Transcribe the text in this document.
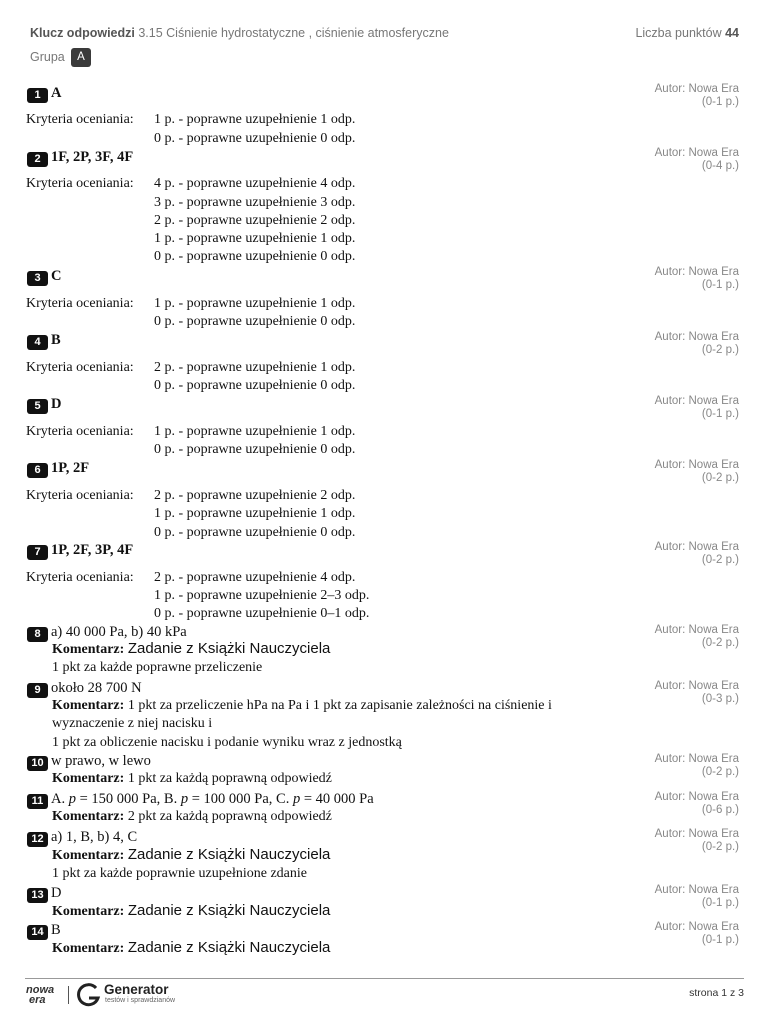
Klucz odpowiedzi 3.15 Ciśnienie hydrostatyczne , ciśnienie atmosferyczne	Liczba punktów 44
Grupa	A
1 A	Autor: Nowa Era
(0-1 p.)
Kryteria oceniania: 1 p. - poprawne uzupełnienie 1 odp.
0 p. - poprawne uzupełnienie 0 odp.
2 1F, 2P, 3F, 4F	Autor: Nowa Era
(0-4 p.)
Kryteria oceniania: 4 p. - poprawne uzupełnienie 4 odp.
3 p. - poprawne uzupełnienie 3 odp.
2 p. - poprawne uzupełnienie 2 odp.
1 p. - poprawne uzupełnienie 1 odp.
0 p. - poprawne uzupełnienie 0 odp.
3 C	Autor: Nowa Era
(0-1 p.)
Kryteria oceniania: 1 p. - poprawne uzupełnienie 1 odp.
0 p. - poprawne uzupełnienie 0 odp.
4 B	Autor: Nowa Era
(0-2 p.)
Kryteria oceniania: 2 p. - poprawne uzupełnienie 1 odp.
0 p. - poprawne uzupełnienie 0 odp.
5 D	Autor: Nowa Era
(0-1 p.)
Kryteria oceniania: 1 p. - poprawne uzupełnienie 1 odp.
0 p. - poprawne uzupełnienie 0 odp.
6 1P, 2F	Autor: Nowa Era
(0-2 p.)
Kryteria oceniania: 2 p. - poprawne uzupełnienie 2 odp.
1 p. - poprawne uzupełnienie 1 odp.
0 p. - poprawne uzupełnienie 0 odp.
7 1P, 2F, 3P, 4F	Autor: Nowa Era
(0-2 p.)
Kryteria oceniania: 2 p. - poprawne uzupełnienie 4 odp.
1 p. - poprawne uzupełnienie 2–3 odp.
0 p. - poprawne uzupełnienie 0–1 odp.
8 a) 40 000 Pa, b) 40 kPa	Autor: Nowa Era
(0-2 p.)
Komentarz: Zadanie z Książki Nauczyciela
1 pkt za każde poprawne przeliczenie
9 około 28 700 N	Autor: Nowa Era
(0-3 p.)
Komentarz: 1 pkt za przeliczenie hPa na Pa i 1 pkt za zapisanie zależności na ciśnienie i
wyznaczenie z niej nacisku i
1 pkt za obliczenie nacisku i podanie wyniku wraz z jednostką
10 w prawo, w lewo	Autor: Nowa Era
(0-2 p.)
Komentarz: 1 pkt za każdą poprawną odpowiedź
11 A. p = 150 000 Pa, B. p = 100 000 Pa, C. p = 40 000 Pa	Autor: Nowa Era
(0-6 p.)
Komentarz: 2 pkt za każdą poprawną odpowiedź
12 a) 1, B, b) 4, C	Autor: Nowa Era
(0-2 p.)
Komentarz: Zadanie z Książki Nauczyciela
1 pkt za każde poprawnie uzupełnione zdanie
13 D	Autor: Nowa Era
(0-1 p.)
Komentarz: Zadanie z Książki Nauczyciela
14 B	Autor: Nowa Era
(0-1 p.)
Komentarz: Zadanie z Książki Nauczyciela
nowa
era
Generator
testów i sprawdzianów
strona 1 z 3
